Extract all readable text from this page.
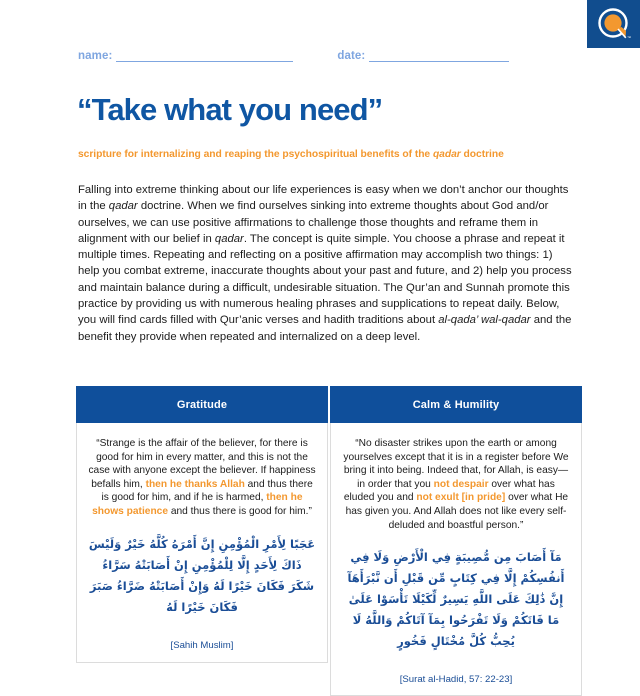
™
name:	date:
“Take what you need”
scripture for internalizing and reaping the psychospiritual benefits of the qadar doctrine
Falling into extreme thinking about our life experiences is easy when we don’t anchor our thoughts in the qadar doctrine. When we find ourselves sinking into extreme thoughts about God and/or ourselves, we can use positive affirmations to challenge those thoughts and reframe them in alignment with our belief in qadar. The concept is quite simple. You choose a phrase and repeat it multiple times. Repeating and reflecting on a positive affirmation may accomplish two things: 1) help you combat extreme, inaccurate thoughts about your past and future, and 2) help you process and maintain balance during a difficult, undesirable situation. The Qur’an and Sunnah promote this practice by providing us with numerous healing phrases and supplications to repeat daily. Below, you will find cards filled with Qur’anic verses and hadith traditions about al-qada’ wal-qadar and the benefit they provide when repeated and internalized on a deep level.
Gratitude
“Strange is the affair of the believer, for there is good for him in every matter, and this is not the case with anyone except the believer. If happiness befalls him, then he thanks Allah and thus there is good for him, and if he is harmed, then he shows patience and thus there is good for him.”
عَجَبًا لِأَمْرِ الْمُؤْمِنِ إِنَّ أَمْرَهُ كُلَّهُ خَيْرٌ وَلَيْسَ ذَاكَ لِأَحَدٍ إِلَّا لِلْمُؤْمِنِ إِنْ أَصَابَتْهُ سَرَّاءُ شَكَرَ فَكَانَ خَيْرًا لَهُ وَإِنْ أَصَابَتْهُ ضَرَّاءُ صَبَرَ فَكَانَ خَيْرًا لَهُ
[Sahih Muslim]
Calm & Humility
“No disaster strikes upon the earth or among yourselves except that it is in a register before We bring it into being. Indeed that, for Allah, is easy—in order that you not despair over what has eluded you and not exult [in pride] over what He has given you. And Allah does not like every self-deluded and boastful person.”
مَآ أَصَابَ مِن مُّصِيبَةٍ فِي الْأَرْضِ وَلَا فِي أَنفُسِكُمْ إِلَّا فِي كِتَابٍ مِّن قَبْلِ أَن نَّبْرَأَهَآ إِنَّ ذَٰلِكَ عَلَى اللَّهِ يَسِيرٌ لِّكَيْلَا تَأْسَوْا عَلَىٰ مَا فَاتَكُمْ وَلَا تَفْرَحُوا بِمَآ آتَاكُمْ وَاللَّهُ لَا يُحِبُّ كُلَّ مُخْتَالٍ فَخُورٍ
[Surat al-Hadid, 57: 22-23]
